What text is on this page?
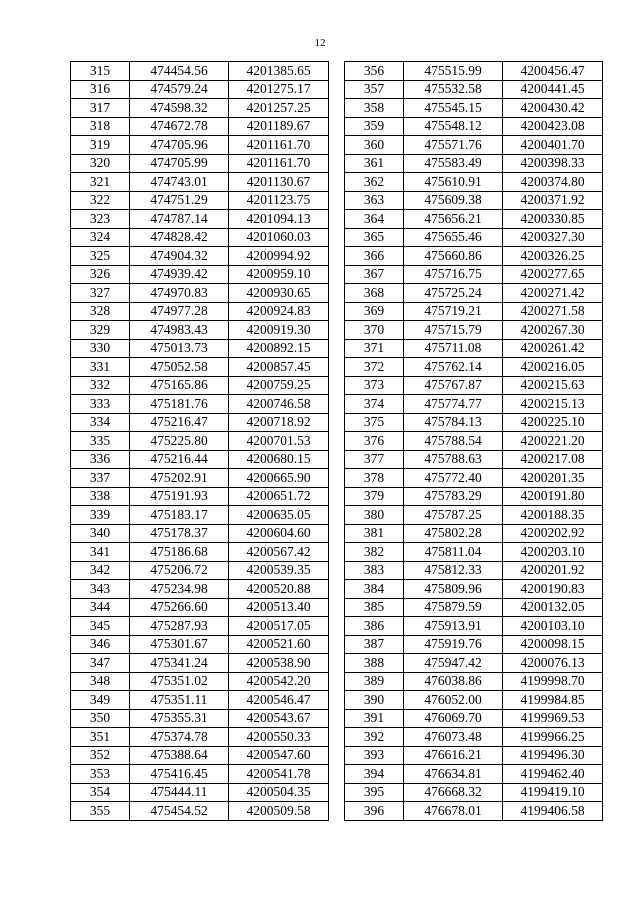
12
315	474454.56	4201385.65
316	474579.24	4201275.17
317	474598.32	4201257.25
318	474672.78	4201189.67
319	474705.96	4201161.70
320	474705.99	4201161.70
321	474743.01	4201130.67
322	474751.29	4201123.75
323	474787.14	4201094.13
324	474828.42	4201060.03
325	474904.32	4200994.92
326	474939.42	4200959.10
327	474970.83	4200930.65
328	474977.28	4200924.83
329	474983.43	4200919.30
330	475013.73	4200892.15
331	475052.58	4200857.45
332	475165.86	4200759.25
333	475181.76	4200746.58
334	475216.47	4200718.92
335	475225.80	4200701.53
336	475216.44	4200680.15
337	475202.91	4200665.90
338	475191.93	4200651.72
339	475183.17	4200635.05
340	475178.37	4200604.60
341	475186.68	4200567.42
342	475206.72	4200539.35
343	475234.98	4200520.88
344	475266.60	4200513.40
345	475287.93	4200517.05
346	475301.67	4200521.60
347	475341.24	4200538.90
348	475351.02	4200542.20
349	475351.11	4200546.47
350	475355.31	4200543.67
351	475374.78	4200550.33
352	475388.64	4200547.60
353	475416.45	4200541.78
354	475444.11	4200504.35
355	475454.52	4200509.58
356	475515.99	4200456.47
357	475532.58	4200441.45
358	475545.15	4200430.42
359	475548.12	4200423.08
360	475571.76	4200401.70
361	475583.49	4200398.33
362	475610.91	4200374.80
363	475609.38	4200371.92
364	475656.21	4200330.85
365	475655.46	4200327.30
366	475660.86	4200326.25
367	475716.75	4200277.65
368	475725.24	4200271.42
369	475719.21	4200271.58
370	475715.79	4200267.30
371	475711.08	4200261.42
372	475762.14	4200216.05
373	475767.87	4200215.63
374	475774.77	4200215.13
375	475784.13	4200225.10
376	475788.54	4200221.20
377	475788.63	4200217.08
378	475772.40	4200201.35
379	475783.29	4200191.80
380	475787.25	4200188.35
381	475802.28	4200202.92
382	475811.04	4200203.10
383	475812.33	4200201.92
384	475809.96	4200190.83
385	475879.59	4200132.05
386	475913.91	4200103.10
387	475919.76	4200098.15
388	475947.42	4200076.13
389	476038.86	4199998.70
390	476052.00	4199984.85
391	476069.70	4199969.53
392	476073.48	4199966.25
393	476616.21	4199496.30
394	476634.81	4199462.40
395	476668.32	4199419.10
396	476678.01	4199406.58
